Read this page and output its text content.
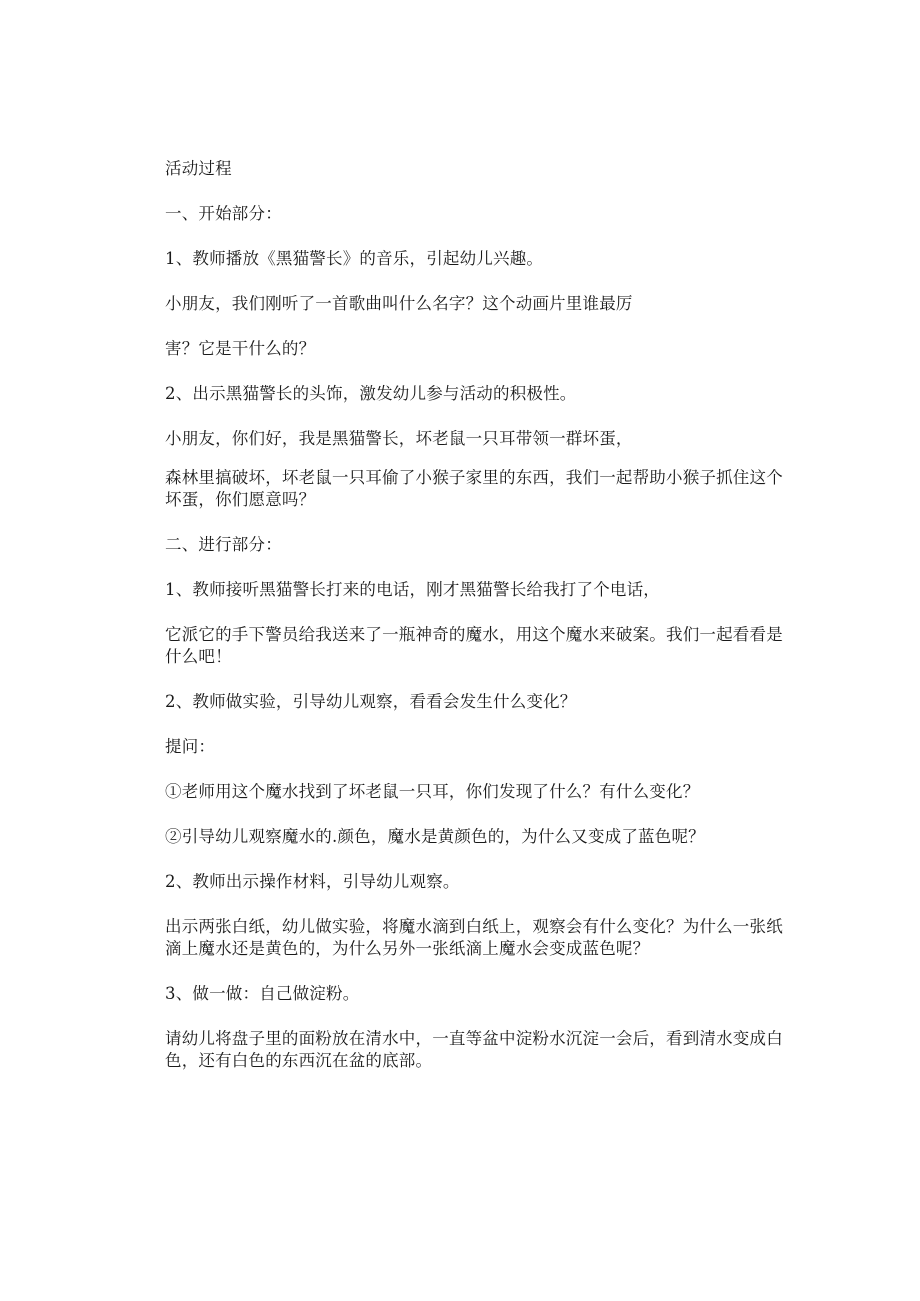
活动过程

一、开始部分：

1、教师播放《黑猫警长》的音乐，引起幼儿兴趣。

小朋友，我们刚听了一首歌曲叫什么名字？这个动画片里谁最厉

害？它是干什么的？

2、出示黑猫警长的头饰，激发幼儿参与活动的积极性。

小朋友，你们好，我是黑猫警长，坏老鼠一只耳带领一群坏蛋，

森林里搞破坏，坏老鼠一只耳偷了小猴子家里的东西，我们一起帮助小猴子抓住这个坏蛋，你们愿意吗？

二、进行部分：

1、教师接听黑猫警长打来的电话，刚才黑猫警长给我打了个电话，

它派它的手下警员给我送来了一瓶神奇的魔水，用这个魔水来破案。我们一起看看是什么吧！

2、教师做实验，引导幼儿观察，看看会发生什么变化？

提问：

①老师用这个魔水找到了坏老鼠一只耳，你们发现了什么？有什么变化？

②引导幼儿观察魔水的.颜色，魔水是黄颜色的，为什么又变成了蓝色呢？

2、教师出示操作材料，引导幼儿观察。

出示两张白纸，幼儿做实验，将魔水滴到白纸上，观察会有什么变化？为什么一张纸滴上魔水还是黄色的，为什么另外一张纸滴上魔水会变成蓝色呢？

3、做一做：自己做淀粉。

请幼儿将盘子里的面粉放在清水中，一直等盆中淀粉水沉淀一会后，看到清水变成白色，还有白色的东西沉在盆的底部。
